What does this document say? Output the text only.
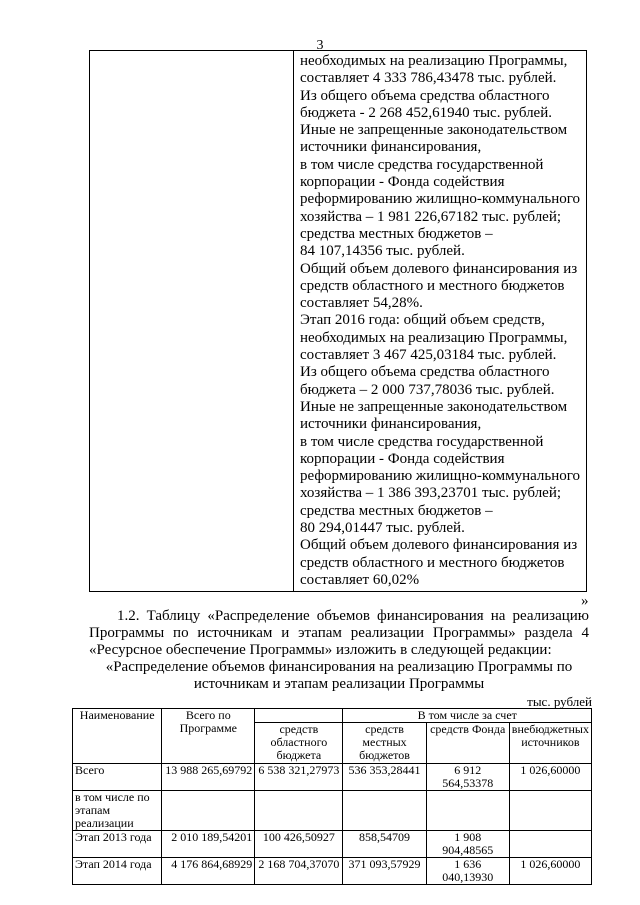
3
необходимых на реализацию Программы,
составляет 4 333 786,43478 тыс. рублей.
Из общего объема средства областного
бюджета - 2 268 452,61940 тыс. рублей.
Иные не запрещенные законодательством
источники финансирования,
в том числе средства государственной
корпорации - Фонда содействия
реформированию жилищно-коммунального
хозяйства – 1 981 226,67182 тыс. рублей;
средства местных бюджетов –
84 107,14356 тыс. рублей.
Общий объем долевого финансирования из
средств областного и местного бюджетов
составляет 54,28%.
Этап 2016 года: общий объем средств,
необходимых на реализацию Программы,
составляет 3 467 425,03184 тыс. рублей.
Из общего объема средства областного
бюджета – 2 000 737,78036 тыс. рублей.
Иные не запрещенные законодательством
источники финансирования,
в том числе средства государственной
корпорации - Фонда содействия
реформированию жилищно-коммунального
хозяйства – 1 386 393,23701 тыс. рублей;
средства местных бюджетов –
80 294,01447 тыс. рублей.
Общий объем долевого финансирования из
средств областного и местного бюджетов
составляет 60,02%
»
1.2. Таблицу «Распределение объемов финансирования на реализацию
Программы по источникам и этапам реализации Программы» раздела 4
«Ресурсное обеспечение Программы» изложить в следующей редакции:
«Распределение объемов финансирования на реализацию Программы по
источникам и этапам реализации Программы
тыс. рублей
Наименование	Всего по Программе		В том числе за счет		
		средств областного бюджета	средств местных бюджетов	средств Фонда	внебюджетных источников
Всего	13 988 265,69792	6 538 321,27973	536 353,28441	6 912 564,53378	1 026,60000
в том числе по этапам реализации					
Этап 2013 года	2 010 189,54201	100 426,50927	858,54709	1 908 904,48565	
Этап 2014 года	4 176 864,68929	2 168 704,37070	371 093,57929	1 636 040,13930	1 026,60000
